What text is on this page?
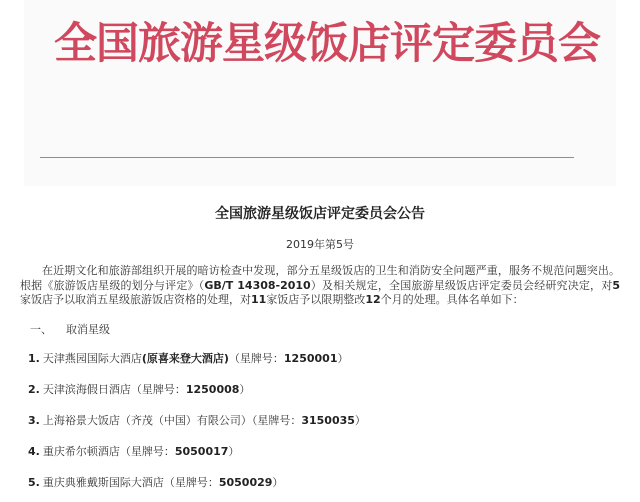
全国旅游星级饭店评定委员会
全国旅游星级饭店评定委员会公告
2019年第5号
在近期文化和旅游部组织开展的暗访检查中发现，部分五星级饭店的卫生和消防安全问题严重，服务不规范问题突出。根据《旅游饭店星级的划分与评定》（GB/T 14308-2010）及相关规定，全国旅游星级饭店评定委员会经研究决定，对5家饭店予以取消五星级旅游饭店资格的处理，对11家饭店予以限期整改12个月的处理。具体名单如下：
一、 取消星级
1. 天津燕园国际大酒店(原喜来登大酒店)（星牌号：1250001）
2. 天津滨海假日酒店（星牌号：1250008）
3. 上海裕景大饭店（齐茂（中国）有限公司）（星牌号：3150035）
4. 重庆希尔顿酒店（星牌号：5050017）
5. 重庆典雅戴斯国际大酒店（星牌号：5050029）
